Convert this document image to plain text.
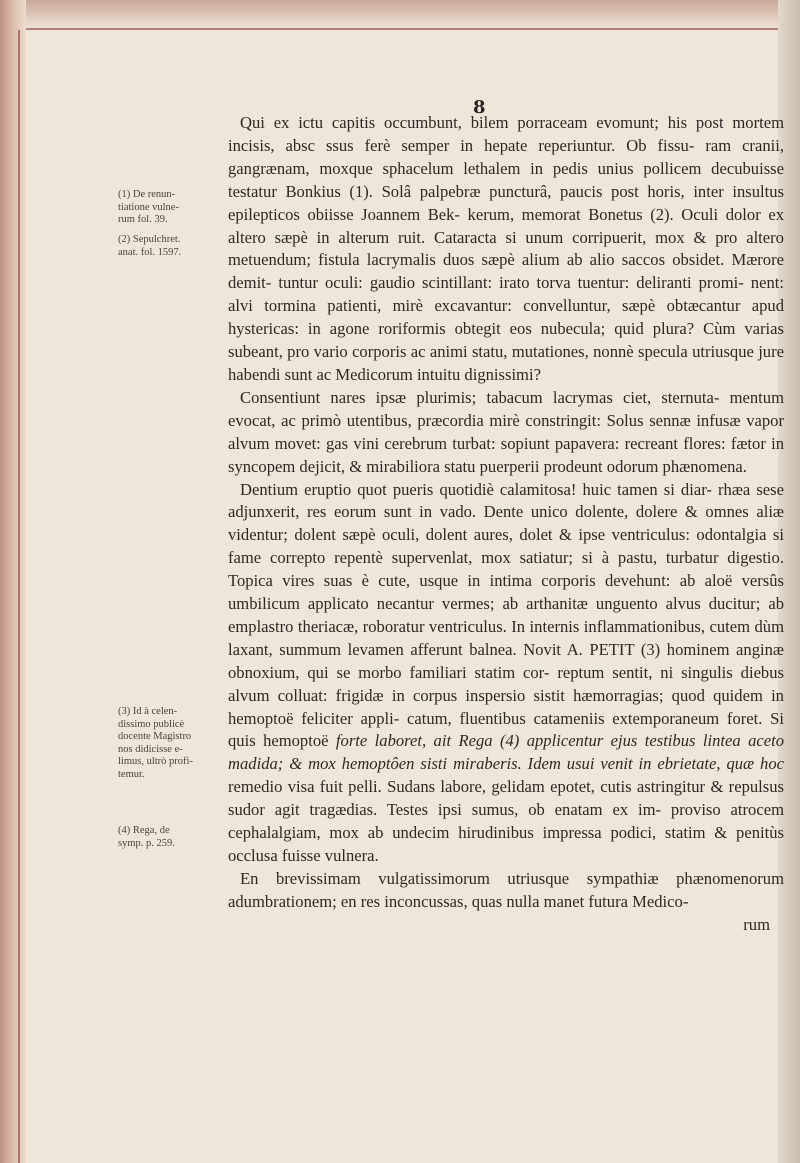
8

Qui ex ictu capitis occumbunt, bilem porraceam evomunt; his post mortem incisis, absc ssus ferè semper in hepate reperiuntur. Ob fissu- ram cranii, gangrænam, moxque sphacelum lethalem in pedis unius pollicem decubuisse testatur Bonkius (1). Solâ palpebræ puncturâ, paucis post horis, inter insultus epilepticos obiisse Joannem Bek- kerum, memorat Bonetus (2). Oculi dolor ex altero sæpè in alterum ruit. Cataracta si unum corripuerit, mox & pro altero metuendum; fistula lacrymalis duos sæpè alium ab alio saccos obsidet. Mærore demit- tuntur oculi: gaudio scintillant: irato torva tuentur: deliranti promi- nent: alvi tormina patienti, mirè excavantur: convelluntur, sæpè obtæcantur apud hystericas: in agone roriformis obtegit eos nubecula; quid plura? Cùm varias subeant, pro vario corporis ac animi statu, mutationes, nonnè specula utriusque jure habendi sunt ac Medicorum intuitu dignissimi?

Consentiunt nares ipsæ plurimis; tabacum lacrymas ciet, sternuta- mentum evocat, ac primò utentibus, præcordia mirè constringit: Solus sennæ infusæ vapor alvum movet: gas vini cerebrum turbat: sopiunt papavera: recreant flores: fætor in syncopem dejicit, & mirabiliora statu puerperii prodeunt odorum phænomena.

Dentium eruptio quot pueris quotidiè calamitosa! huic tamen si diar- rhæa sese adjunxerit, res eorum sunt in vado. Dente unico dolente, dolere & omnes aliæ videntur; dolent sæpè oculi, dolent aures, dolet & ipse ventriculus: odontalgia si fame correpto repentè supervenlat, mox satiatur; si à pastu, turbatur digestio. Topica vires suas è cute, usque in intima corporis devehunt: ab aloë versûs umbilicum applicato necantur vermes; ab arthanitæ unguento alvus ducitur; ab emplastro theriacæ, roboratur ventriculus. In internis inflammationibus, cutem dùm laxant, summum levamen afferunt balnea. Novit A. PETIT (3) hominem anginæ obnoxium, qui se morbo familiari statim cor- reptum sentit, ni singulis diebus alvum colluat: frigidæ in corpus inspersio sistit hæmorragias; quod quidem in hemoptoë feliciter appli- catum, fluentibus catameniis extemporaneum foret. Si quis hemoptoë forte laboret, ait Rega (4) applicentur ejus testibus lintea aceto madida; & mox hemoptôen sisti miraberis. Idem usui venit in ebrietate, quæ hoc remedio visa fuit pelli. Sudans labore, gelidam epotet, cutis astringitur & repulsus sudor agit tragædias. Testes ipsi sumus, ob enatam ex im- proviso atrocem cephalalgiam, mox ab undecim hirudinibus impressa podici, statim & penitùs occlusa fuisse vulnera.

En brevissimam vulgatissimorum utriusque sympathiæ phænomenorum adumbrationem; en res inconcussas, quas nulla manet futura Medico-

rum

(1) De renun-
tiatione vulne-
rum fol. 39.
(2) Sepulchret.
anat. fol. 1597.
(3) Id à celen-
dissimo publicè
docente Magistro
nos didicisse e-
limus, ultrò profi-
temur.
(4) Rega, de
symp. p. 259.
